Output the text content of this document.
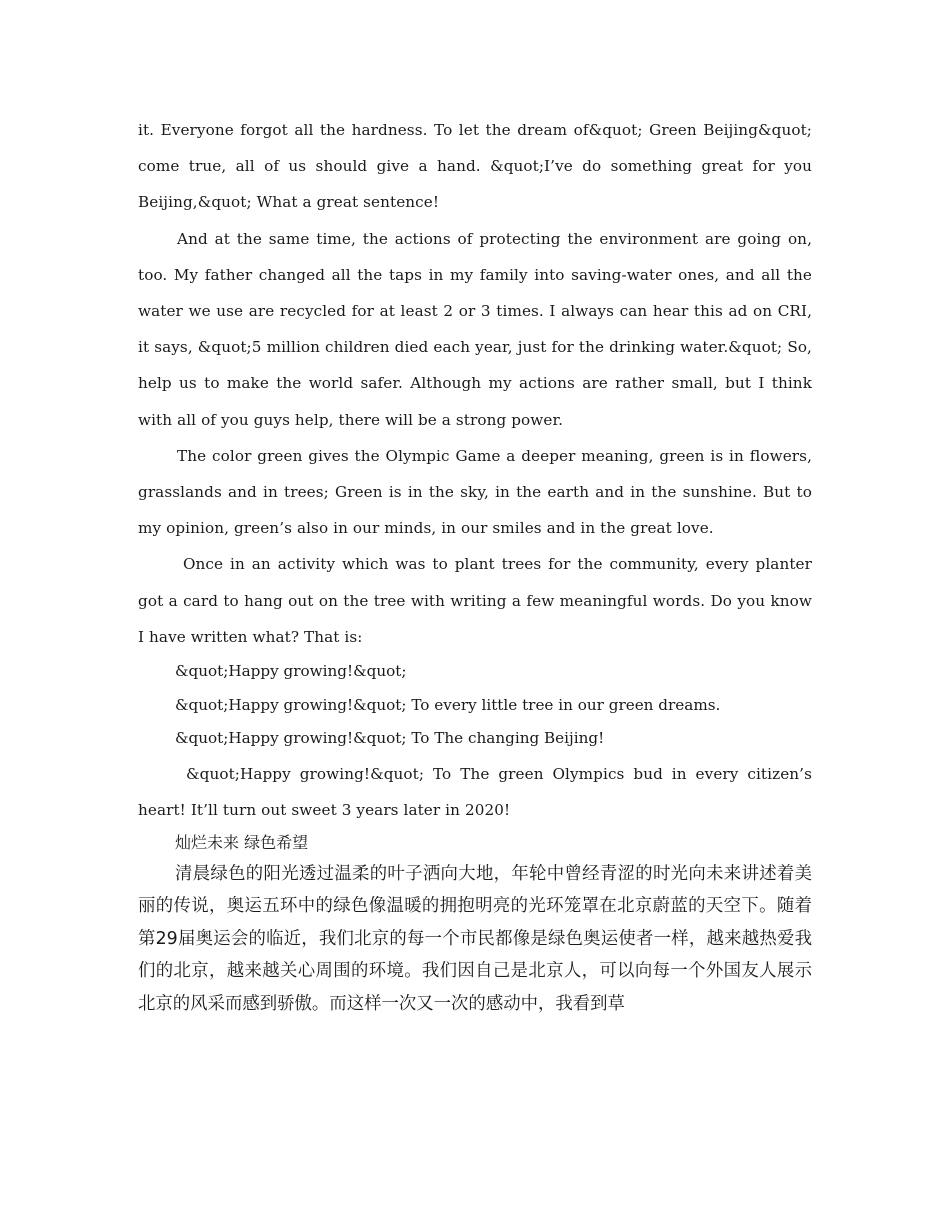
it. Everyone forgot all the hardness. To let the dream of&quot; Green Beijing&quot; come true, all of us should give a hand. &quot;I’ve do something great for you Beijing,&quot; What a great sentence!

And at the same time, the actions of protecting the environment are going on, too. My father changed all the taps in my family into saving-water ones, and all the water we use are recycled for at least 2 or 3 times. I always can hear this ad on CRI, it says, &quot;5 million children died each year, just for the drinking water.&quot; So, help us to make the world safer. Although my actions are rather small, but I think with all of you guys help, there will be a strong power.

The color green gives the Olympic Game a deeper meaning, green is in flowers, grasslands and in trees; Green is in the sky, in the earth and in the sunshine. But to my opinion, green’s also in our minds, in our smiles and in the great love.

Once in an activity which was to plant trees for the community, every planter got a card to hang out on the tree with writing a few meaningful words. Do you know I have written what? That is:

&quot;Happy growing!&quot;

&quot;Happy growing!&quot; To every little tree in our green dreams.

&quot;Happy growing!&quot; To The changing Beijing!

&quot;Happy growing!&quot; To The green Olympics bud in every citizen’s heart! It’ll turn out sweet 3 years later in 2020!

灿烂未来 绿色希望

清晨绿色的阳光透过温柔的叶子洒向大地，年轮中曾经青涩的时光向未来讲述着美丽的传说，奥运五环中的绿色像温暖的拥抱明亮的光环笼罩在北京蔚蓝的天空下。随着第29届奥运会的临近，我们北京的每一个市民都像是绿色奥运使者一样，越来越热爱我们的北京，越来越关心周围的环境。我们因自己是北京人，可以向每一个外国友人展示北京的风采而感到骄傲。而这样一次又一次的感动中，我看到草
